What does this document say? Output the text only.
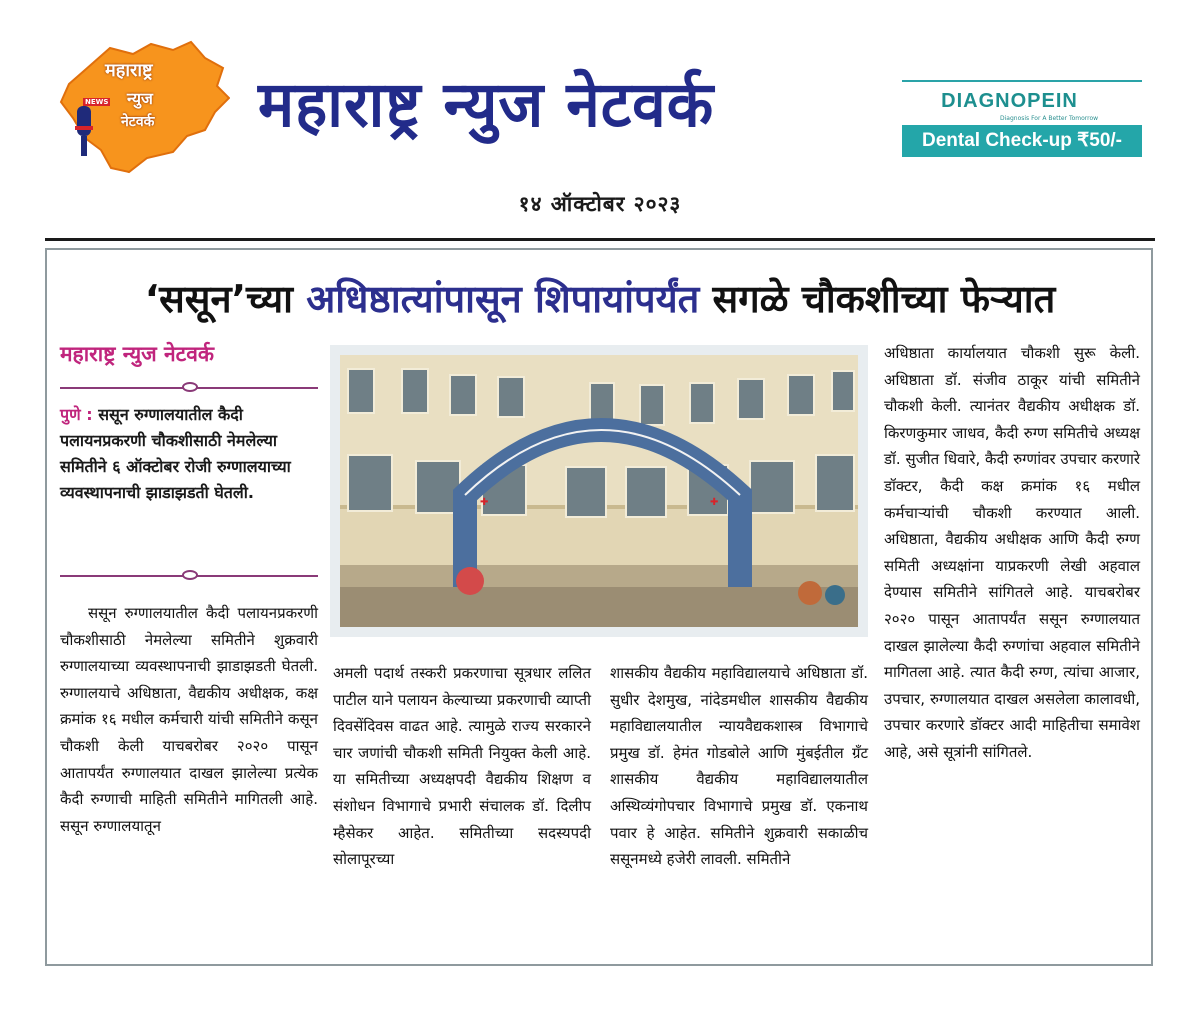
महाराष्ट्र
न्युज
नेटवर्क
NEWS महाराष्ट्र न्युज नेटवर्क	DIAGNOPEIN
Diagnosis For A Better Tomorrow
Dental Check-up ₹50/-
१४ ऑक्टोबर २०२३
‘ससून’च्या अधिष्ठात्यांपासून शिपायांपर्यंत सगळे चौकशीच्या फेऱ्यात
महाराष्ट्र न्युज नेटवर्क
पुणे : ससून रुग्णालयातील कैदी पलायनप्रकरणी चौकशीसाठी नेमलेल्या समितीने ६ ऑक्टोबर रोजी रुग्णालयाच्या व्यवस्थापनाची झाडाझडती घेतली.
✚	✚
ससून रुग्णालयातील कैदी पलायनप्रकरणी चौकशीसाठी नेमलेल्या समितीने शुक्रवारी रुग्णालयाच्या व्यवस्थापनाची झाडाझडती घेतली. रुग्णालयाचे अधिष्ठाता, वैद्यकीय अधीक्षक, कक्ष क्रमांक १६ मधील कर्मचारी यांची समितीने कसून चौकशी केली याचबरोबर २०२० पासून आतापर्यंत रुग्णालयात दाखल झालेल्या प्रत्येक कैदी रुग्णाची माहिती समितीने मागितली आहे. ससून रुग्णालयातून
अमली पदार्थ तस्करी प्रकरणाचा सूत्रधार ललित पाटील याने पलायन केल्याच्या प्रकरणाची व्याप्ती दिवसेंदिवस वाढत आहे. त्यामुळे राज्य सरकारने चार जणांची चौकशी समिती नियुक्त केली आहे. या समितीच्या अध्यक्षपदी वैद्यकीय शिक्षण व संशोधन विभागाचे प्रभारी संचालक डॉ. दिलीप म्हैसेकर आहेत. समितीच्या सदस्यपदी सोलापूरच्या
शासकीय वैद्यकीय महाविद्यालयाचे अधिष्ठाता डॉ. सुधीर देशमुख, नांदेडमधील शासकीय वैद्यकीय महाविद्यालयातील न्यायवैद्यकशास्त्र विभागाचे प्रमुख डॉ. हेमंत गोडबोले आणि मुंबईतील ग्रँट शासकीय वैद्यकीय महाविद्यालयातील अस्थिव्यंगोपचार विभागाचे प्रमुख डॉ. एकनाथ पवार हे आहेत. समितीने शुक्रवारी सकाळीच ससूनमध्ये हजेरी लावली. समितीने
अधिष्ठाता कार्यालयात चौकशी सुरू केली. अधिष्ठाता डॉ. संजीव ठाकूर यांची समितीने चौकशी केली. त्यानंतर वैद्यकीय अधीक्षक डॉ. किरणकुमार जाधव, कैदी रुग्ण समितीचे अध्यक्ष डॉ. सुजीत धिवारे, कैदी रुग्णांवर उपचार करणारे डॉक्टर, कैदी कक्ष क्रमांक १६ मधील कर्मचाऱ्यांची चौकशी करण्यात आली. अधिष्ठाता, वैद्यकीय अधीक्षक आणि कैदी रुग्ण समिती अध्यक्षांना याप्रकरणी लेखी अहवाल देण्यास समितीने सांगितले आहे. याचबरोबर २०२० पासून आतापर्यंत ससून रुग्णालयात दाखल झालेल्या कैदी रुग्णांचा अहवाल समितीने मागितला आहे. त्यात कैदी रुग्ण, त्यांचा आजार, उपचार, रुग्णालयात दाखल असलेला कालावधी, उपचार करणारे डॉक्टर आदी माहितीचा समावेश आहे, असे सूत्रांनी सांगितले.
